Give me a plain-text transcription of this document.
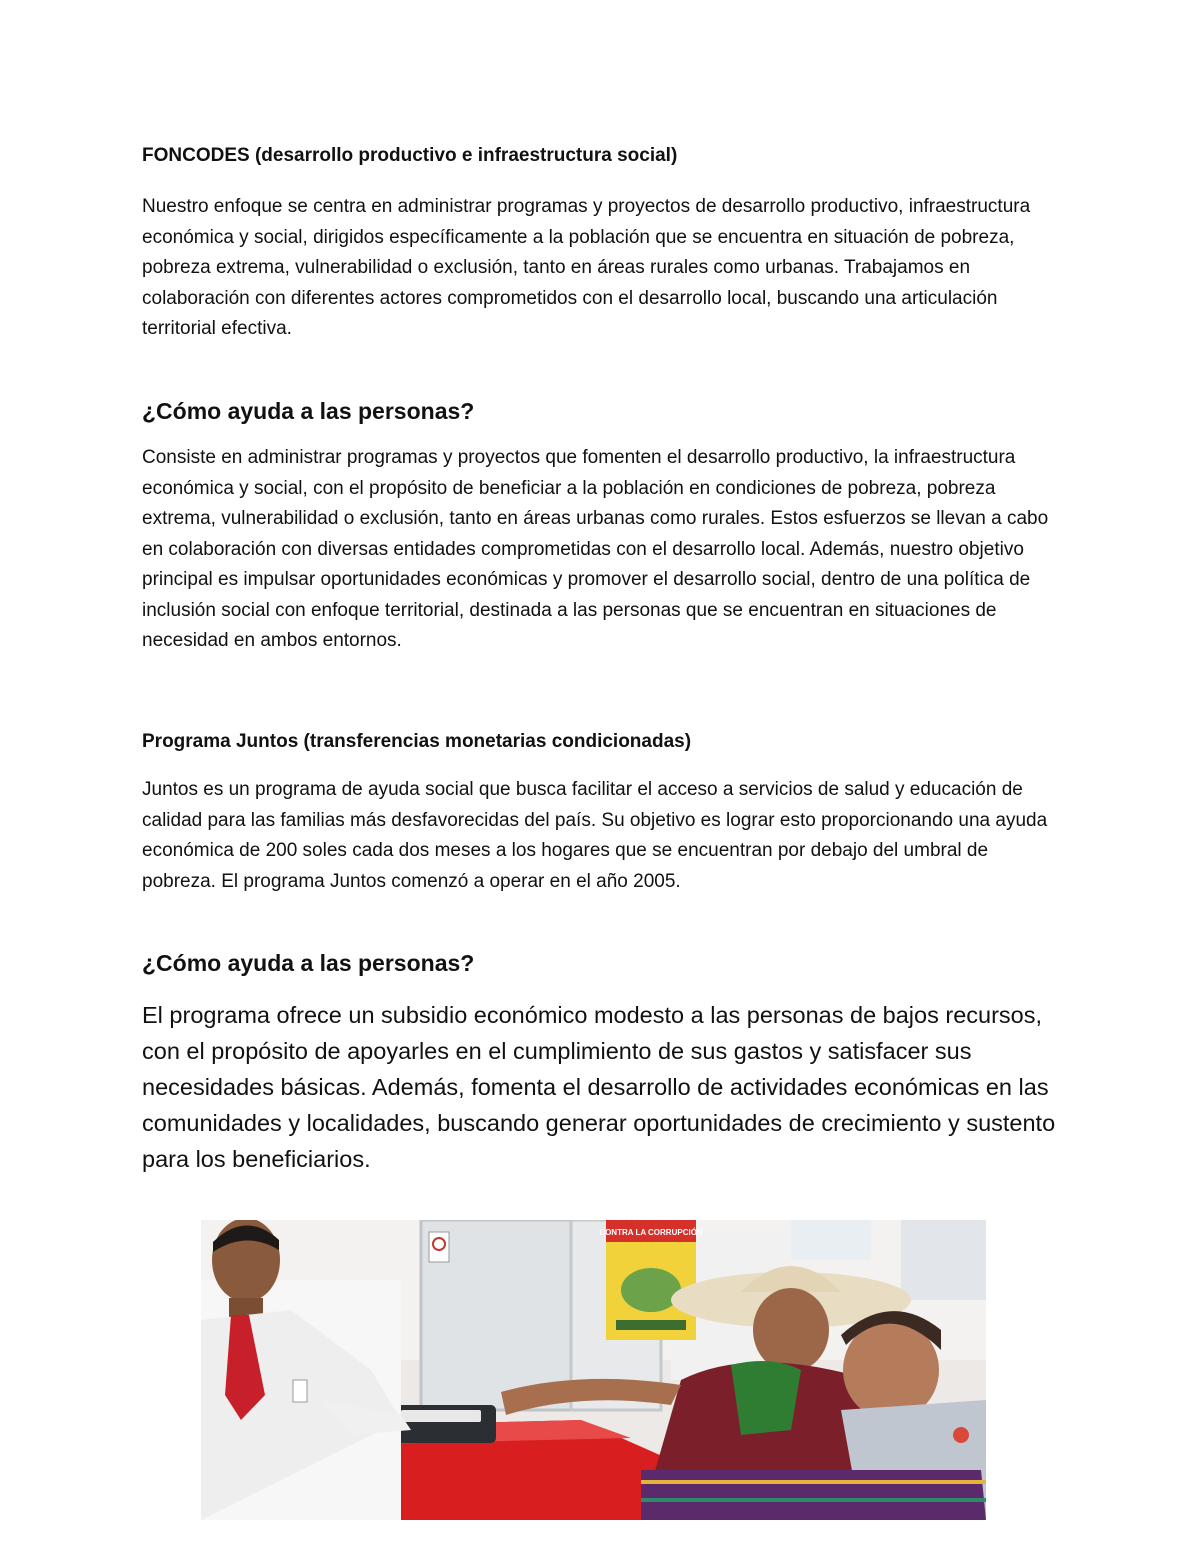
FONCODES (desarrollo productivo e infraestructura social)
Nuestro enfoque se centra en administrar programas y proyectos de desarrollo productivo, infraestructura económica y social, dirigidos específicamente a la población que se encuentra en situación de pobreza, pobreza extrema, vulnerabilidad o exclusión, tanto en áreas rurales como urbanas. Trabajamos en colaboración con diferentes actores comprometidos con el desarrollo local, buscando una articulación territorial efectiva.
¿Cómo ayuda a las personas?
Consiste en administrar programas y proyectos que fomenten el desarrollo productivo, la infraestructura económica y social, con el propósito de beneficiar a la población en condiciones de pobreza, pobreza extrema, vulnerabilidad o exclusión, tanto en áreas urbanas como rurales. Estos esfuerzos se llevan a cabo en colaboración con diversas entidades comprometidas con el desarrollo local. Además, nuestro objetivo principal es impulsar oportunidades económicas y promover el desarrollo social, dentro de una política de inclusión social con enfoque territorial, destinada a las personas que se encuentran en situaciones de necesidad en ambos entornos.
Programa Juntos (transferencias monetarias condicionadas)
Juntos es un programa de ayuda social que busca facilitar el acceso a servicios de salud y educación de calidad para las familias más desfavorecidas del país. Su objetivo es lograr esto proporcionando una ayuda económica de 200 soles cada dos meses a los hogares que se encuentran por debajo del umbral de pobreza. El programa Juntos comenzó a operar en el año 2005.
¿Cómo ayuda a las personas?
El programa ofrece un subsidio económico modesto a las personas de bajos recursos, con el propósito de apoyarles en el cumplimiento de sus gastos y satisfacer sus necesidades básicas. Además, fomenta el desarrollo de actividades económicas en las comunidades y localidades, buscando generar oportunidades de crecimiento y sustento para los beneficiarios.
CONTRA LA CORRUPCIÓN
